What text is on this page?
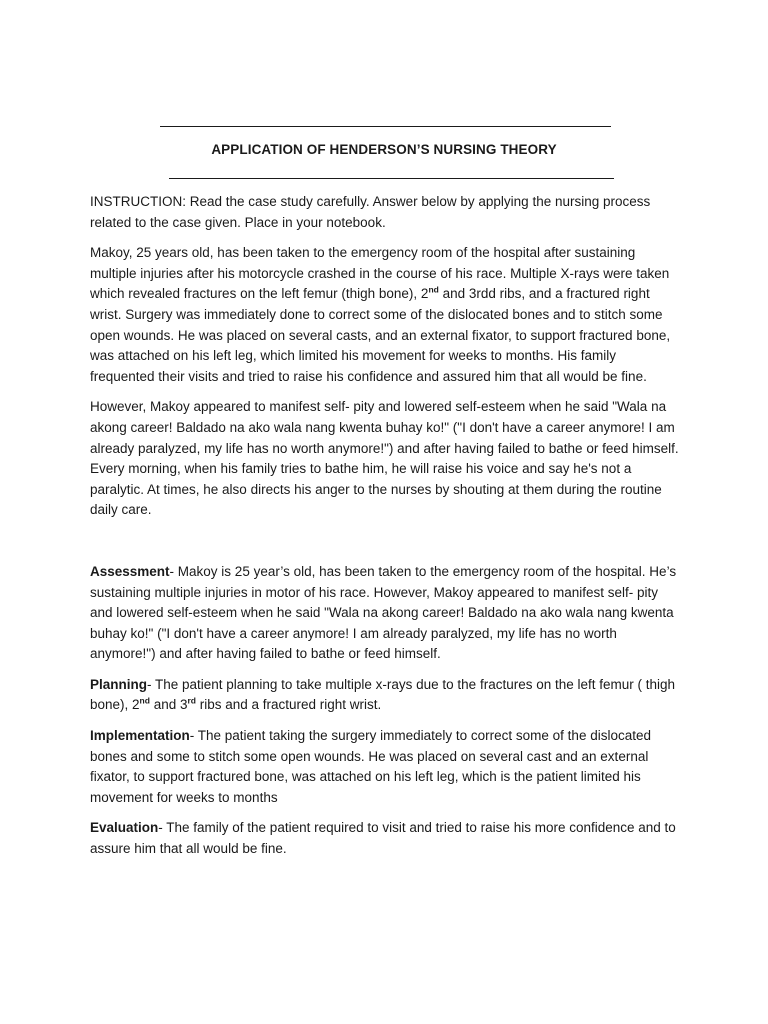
APPLICATION OF HENDERSON’S NURSING THEORY

INSTRUCTION: Read the case study carefully. Answer below by applying the nursing process related to the case given. Place in your notebook.

Makoy, 25 years old, has been taken to the emergency room of the hospital after sustaining multiple injuries after his motorcycle crashed in the course of his race. Multiple X-rays were taken which revealed fractures on the left femur (thigh bone), 2nd and 3rdd ribs, and a fractured right wrist. Surgery was immediately done to correct some of the dislocated bones and to stitch some open wounds. He was placed on several casts, and an external fixator, to support fractured bone, was attached on his left leg, which limited his movement for weeks to months. His family frequented their visits and tried to raise his confidence and assured him that all would be fine.

However, Makoy appeared to manifest self- pity and lowered self-esteem when he said "Wala na akong career! Baldado na ako wala nang kwenta buhay ko!" ("I don't have a career anymore! I am already paralyzed, my life has no worth anymore!") and after having failed to bathe or feed himself. Every morning, when his family tries to bathe him, he will raise his voice and say he's not a paralytic. At times, he also directs his anger to the nurses by shouting at them during the routine daily care.

Assessment- Makoy is 25 year’s old, has been taken to the emergency room of the hospital. He’s sustaining multiple injuries in motor of his race. However, Makoy appeared to manifest self- pity and lowered self-esteem when he said "Wala na akong career! Baldado na ako wala nang kwenta buhay ko!" ("I don't have a career anymore! I am already paralyzed, my life has no worth anymore!") and after having failed to bathe or feed himself.

Planning- The patient planning to take multiple x-rays due to the fractures on the left femur ( thigh bone), 2nd and 3rd ribs and a fractured right wrist.

Implementation- The patient taking the surgery immediately to correct some of the dislocated bones and some to stitch some open wounds. He was placed on several cast and an external fixator, to support fractured bone, was attached on his left leg, which is the patient limited his movement for weeks to months

Evaluation- The family of the patient required to visit and tried to raise his more confidence and to assure him that all would be fine.
